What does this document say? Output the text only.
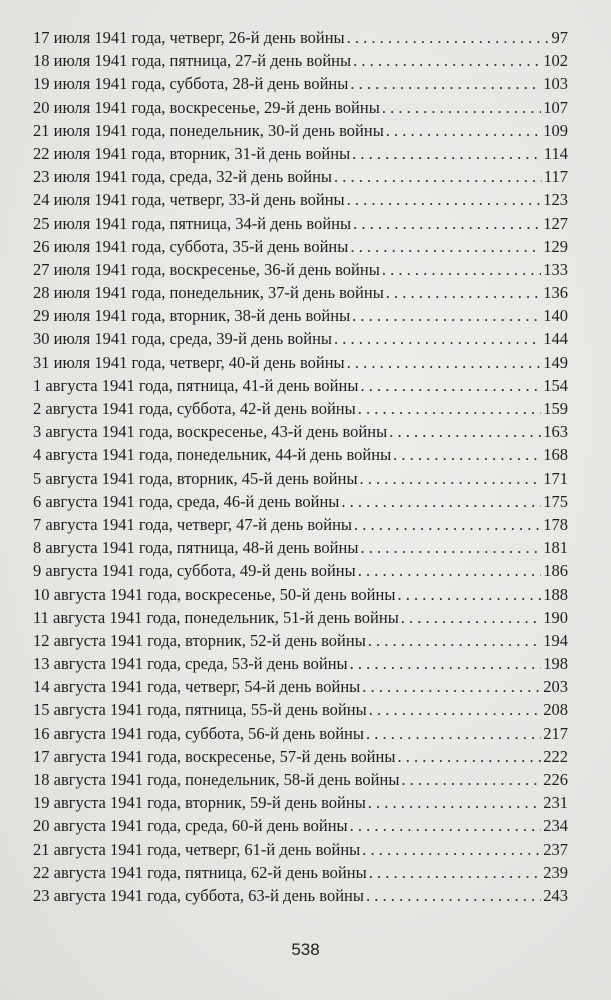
17 июля 1941 года, четверг, 26-й день войны . . .	97
18 июля 1941 года, пятница, 27-й день войны . . .	102
19 июля 1941 года, суббота, 28-й день войны . . .	103
20 июля 1941 года, воскресенье, 29-й день войны . . .	107
21 июля 1941 года, понедельник, 30-й день войны . . .	109
22 июля 1941 года, вторник, 31-й день войны . . .	114
23 июля 1941 года, среда, 32-й день войны . . .	117
24 июля 1941 года, четверг, 33-й день войны . . .	123
25 июля 1941 года, пятница, 34-й день войны . . .	127
26 июля 1941 года, суббота, 35-й день войны . . .	129
27 июля 1941 года, воскресенье, 36-й день войны . . .	133
28 июля 1941 года, понедельник, 37-й день войны . . .	136
29 июля 1941 года, вторник, 38-й день войны . . .	140
30 июля 1941 года, среда, 39-й день войны . . .	144
31 июля 1941 года, четверг, 40-й день войны . . .	149
1 августа 1941 года, пятница, 41-й день войны . . .	154
2 августа 1941 года, суббота, 42-й день войны . . .	159
3 августа 1941 года, воскресенье, 43-й день войны . . .	163
4 августа 1941 года, понедельник, 44-й день войны . . .	168
5 августа 1941 года, вторник, 45-й день войны . . .	171
6 августа 1941 года, среда, 46-й день войны . . .	175
7 августа 1941 года, четверг, 47-й день войны . . .	178
8 августа 1941 года, пятница, 48-й день войны . . .	181
9 августа 1941 года, суббота, 49-й день войны . . .	186
10 августа 1941 года, воскресенье, 50-й день войны . . .	188
11 августа 1941 года, понедельник, 51-й день войны . . .	190
12 августа 1941 года, вторник, 52-й день войны . . .	194
13 августа 1941 года, среда, 53-й день войны . . .	198
14 августа 1941 года, четверг, 54-й день войны . . .	203
15 августа 1941 года, пятница, 55-й день войны . . .	208
16 августа 1941 года, суббота, 56-й день войны . . .	217
17 августа 1941 года, воскресенье, 57-й день войны . . .	222
18 августа 1941 года, понедельник, 58-й день войны . . .	226
19 августа 1941 года, вторник, 59-й день войны . . .	231
20 августа 1941 года, среда, 60-й день войны . . .	234
21 августа 1941 года, четверг, 61-й день войны . . .	237
22 августа 1941 года, пятница, 62-й день войны . . .	239
23 августа 1941 года, суббота, 63-й день войны . . .	243
538
